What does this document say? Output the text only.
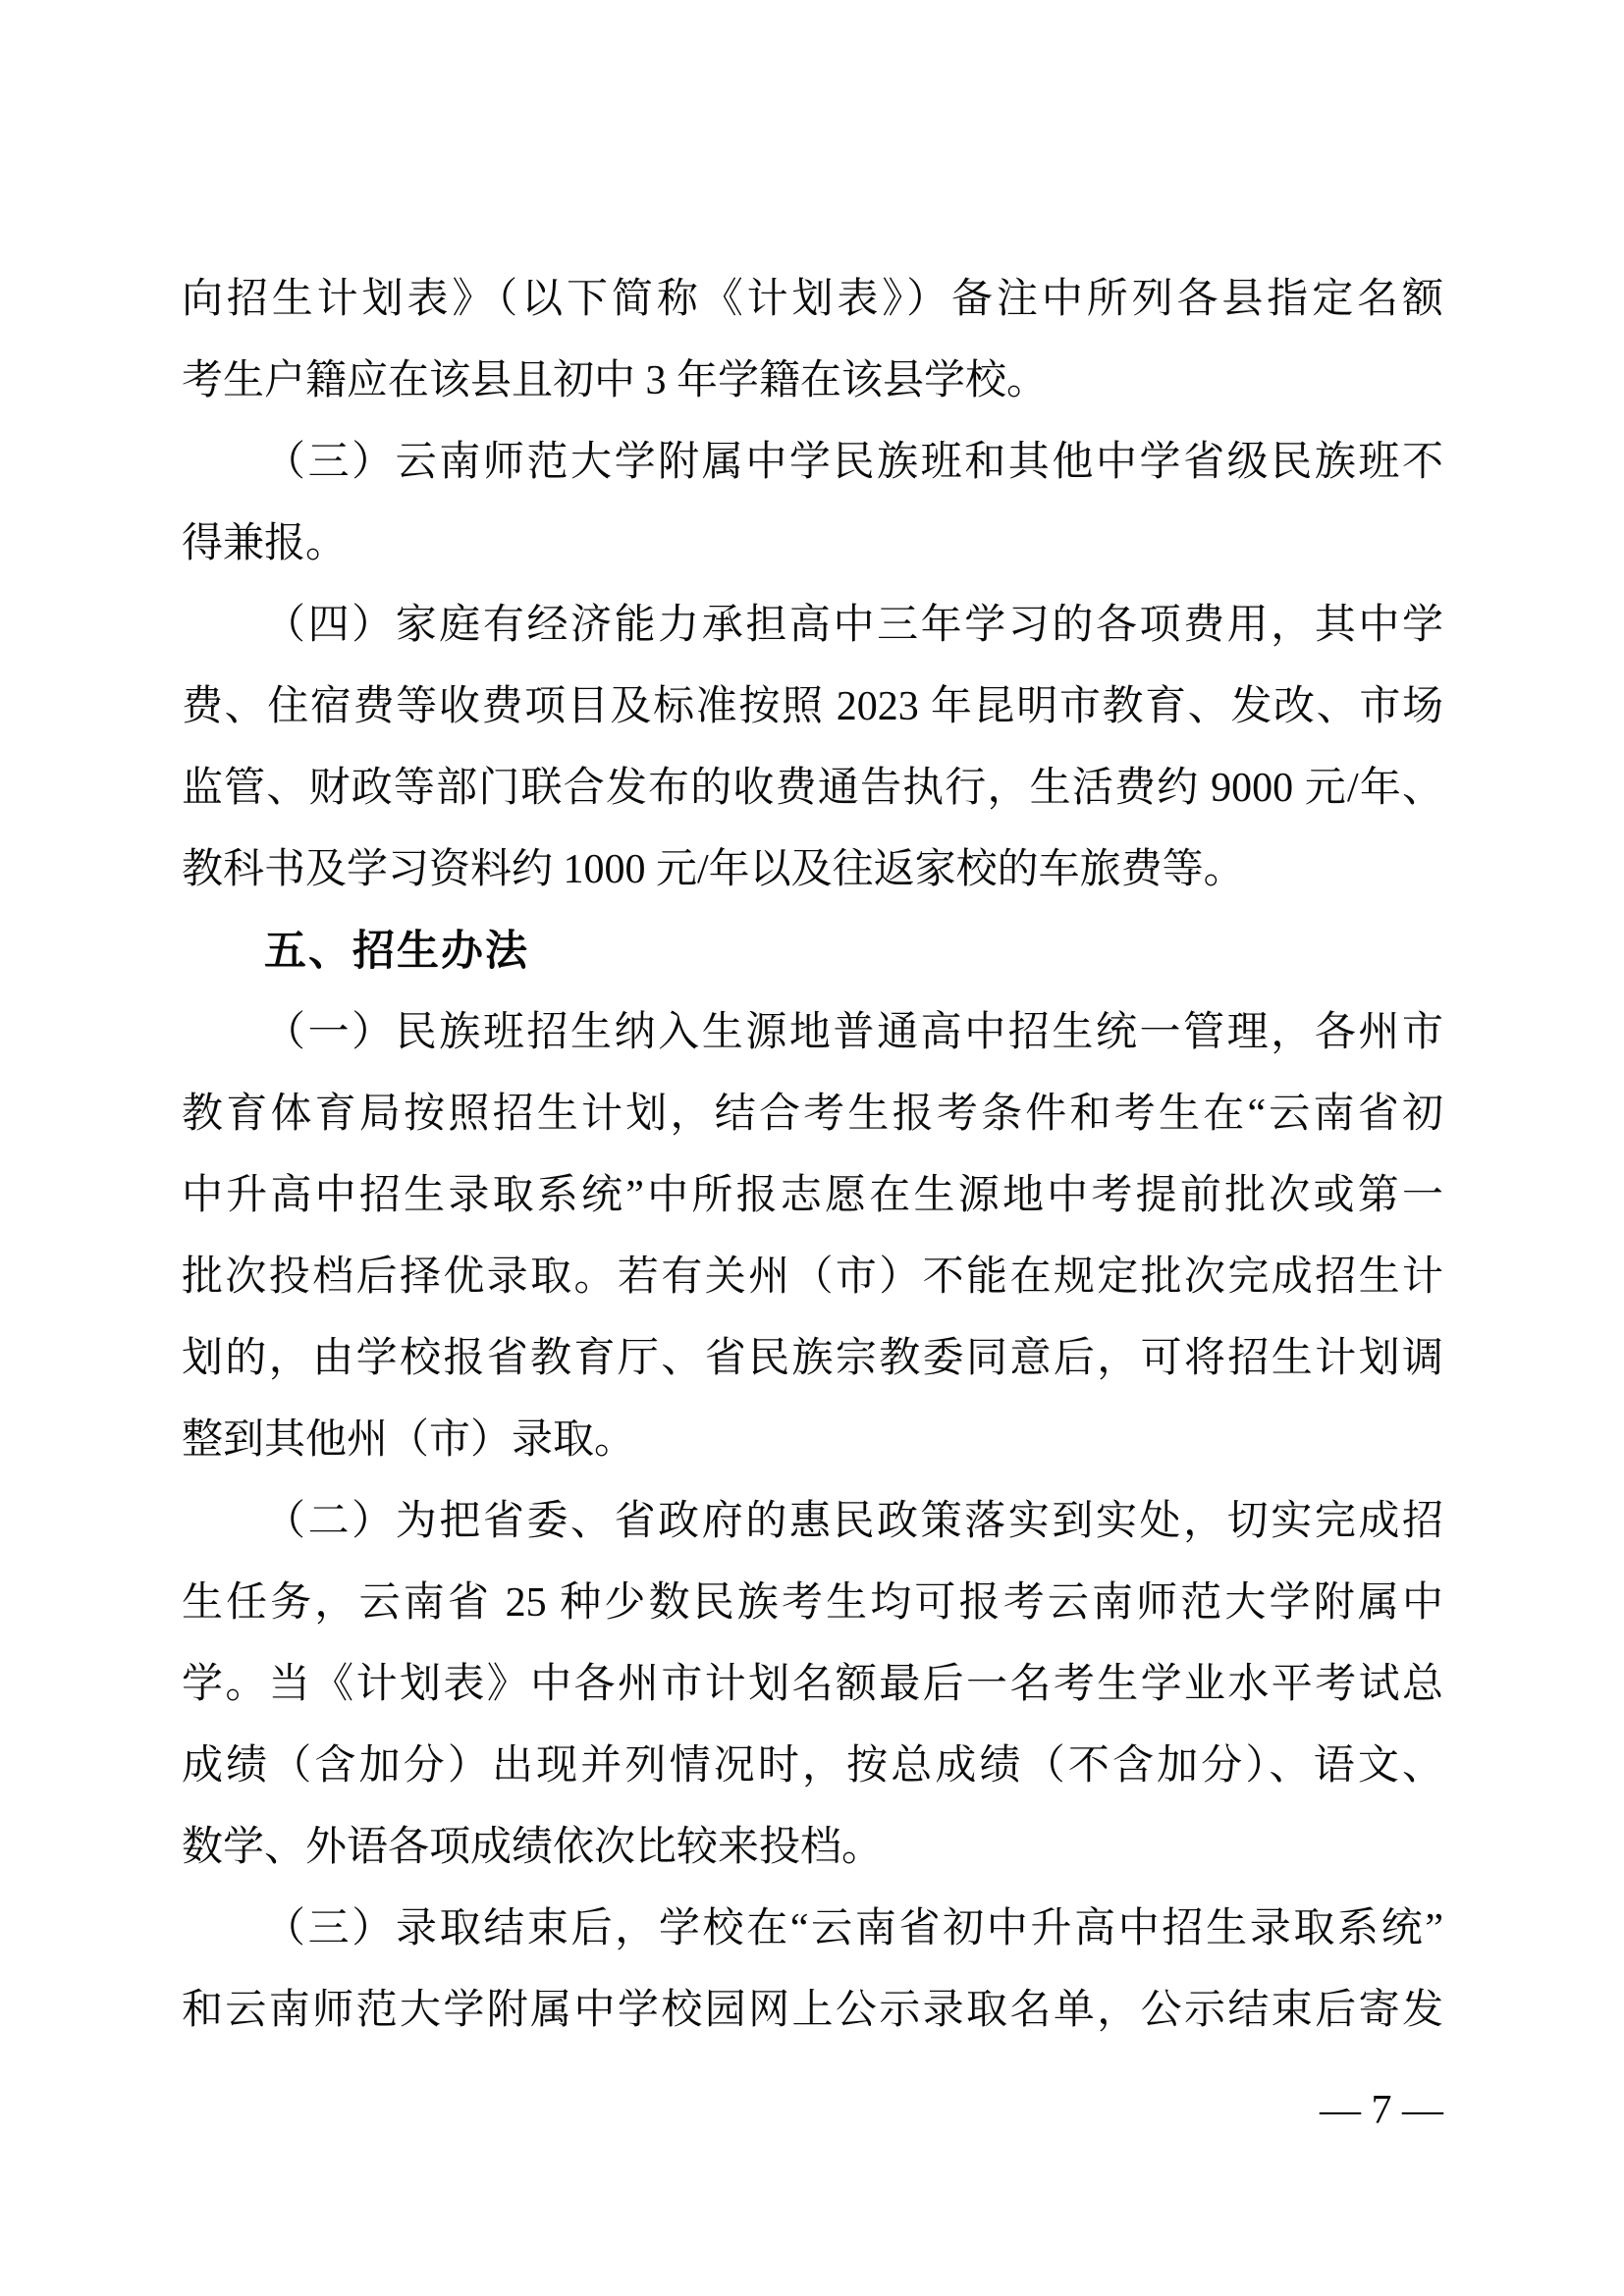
向招生计划表》（以下简称《计划表》）备注中所列各县指定名额
考生户籍应在该县且初中 3 年学籍在该县学校。
（三）云南师范大学附属中学民族班和其他中学省级民族班不
得兼报。
（四）家庭有经济能力承担高中三年学习的各项费用，其中学
费、住宿费等收费项目及标准按照 2023 年昆明市教育、发改、市场
监管、财政等部门联合发布的收费通告执行，生活费约 9000 元/年、
教科书及学习资料约 1000 元/年以及往返家校的车旅费等。
五、招生办法
（一）民族班招生纳入生源地普通高中招生统一管理，各州市
教育体育局按照招生计划，结合考生报考条件和考生在“云南省初
中升高中招生录取系统”中所报志愿在生源地中考提前批次或第一
批次投档后择优录取。若有关州（市）不能在规定批次完成招生计
划的，由学校报省教育厅、省民族宗教委同意后，可将招生计划调
整到其他州（市）录取。
（二）为把省委、省政府的惠民政策落实到实处，切实完成招
生任务，云南省 25 种少数民族考生均可报考云南师范大学附属中
学。当《计划表》中各州市计划名额最后一名考生学业水平考试总
成绩（含加分）出现并列情况时，按总成绩（不含加分）、语文、
数学、外语各项成绩依次比较来投档。
（三）录取结束后，学校在“云南省初中升高中招生录取系统”
和云南师范大学附属中学校园网上公示录取名单，公示结束后寄发
— 7 —
